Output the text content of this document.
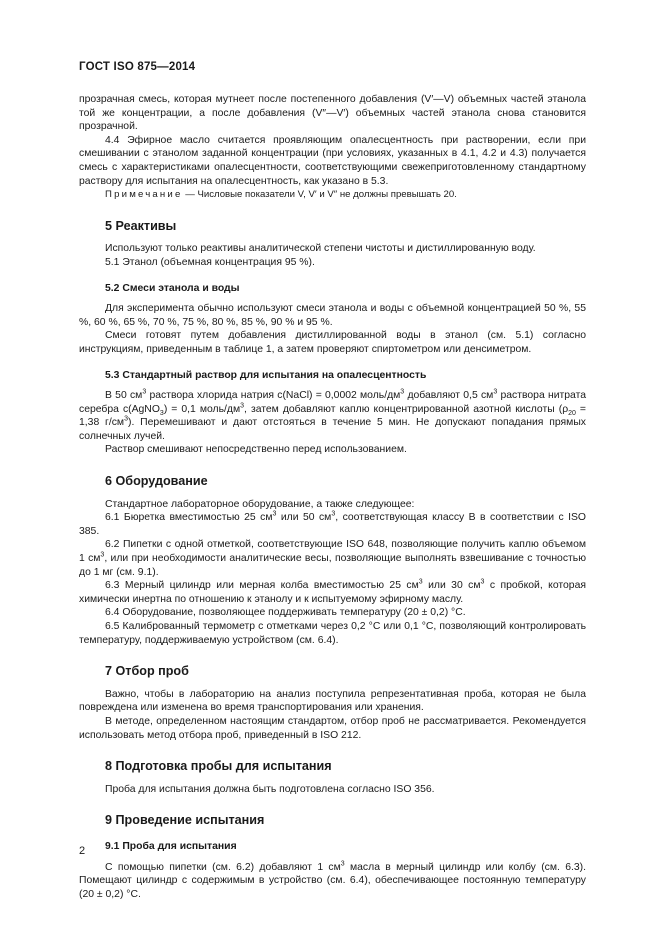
ГОСТ ISO 875—2014

прозрачная смесь, которая мутнеет после постепенного добавления (V′—V) объемных частей этанола той же концентрации, а после добавления (V″—V′) объемных частей этанола снова становится прозрачной.

4.4 Эфирное масло считается проявляющим опалесцентность при растворении, если при смешивании с этанолом заданной концентрации (при условиях, указанных в 4.1, 4.2 и 4.3) получается смесь с характеристиками опалесцентности, соответствующими свежеприготовленному стандартному раствору для испытания на опалесцентность, как указано в 5.3.

Примечание — Числовые показатели V, V′ и V″ не должны превышать 20.

5 Реактивы

Используют только реактивы аналитической степени чистоты и дистиллированную воду.

5.1 Этанол (объемная концентрация 95 %).

5.2 Смеси этанола и воды

Для эксперимента обычно используют смеси этанола и воды с объемной концентрацией 50 %, 55 %, 60 %, 65 %, 70 %, 75 %, 80 %, 85 %, 90 % и 95 %.

Смеси готовят путем добавления дистиллированной воды в этанол (см. 5.1) согласно инструкциям, приведенным в таблице 1, а затем проверяют спиртометром или денсиметром.

5.3 Стандартный раствор для испытания на опалесцентность

В 50 $см^3$ раствора хлорида натрия c(NaCl) = 0,0002 моль/$дм^3$ добавляют 0,5 $см^3$ раствора нитрата серебра c(AgNO$_3$) = 0,1 моль/$дм^3$, затем добавляют каплю концентрированной азотной кислоты ($\rho_{20} = 1,38$ $г/см^3$). Перемешивают и дают отстояться в течение 5 мин. Не допускают попадания прямых солнечных лучей.

Раствор смешивают непосредственно перед использованием.

6 Оборудование

Стандартное лабораторное оборудование, а также следующее:

6.1 Бюретка вместимостью 25 $см^3$ или 50 $см^3$, соответствующая классу В в соответствии с ISO 385.

6.2 Пипетки с одной отметкой, соответствующие ISO 648, позволяющие получить каплю объемом 1 $см^3$, или при необходимости аналитические весы, позволяющие выполнять взвешивание с точностью до 1 мг (см. 9.1).

6.3 Мерный цилиндр или мерная колба вместимостью 25 $см^3$ или 30 $см^3$ с пробкой, которая химически инертна по отношению к этанолу и к испытуемому эфирному маслу.

6.4 Оборудование, позволяющее поддерживать температуру (20 ± 0,2) °С.

6.5 Калиброванный термометр с отметками через 0,2 °С или 0,1 °С, позволяющий контролировать температуру, поддерживаемую устройством (см. 6.4).

7 Отбор проб

Важно, чтобы в лабораторию на анализ поступила репрезентативная проба, которая не была повреждена или изменена во время транспортирования или хранения.

В методе, определенном настоящим стандартом, отбор проб не рассматривается. Рекомендуется использовать метод отбора проб, приведенный в ISO 212.

8 Подготовка пробы для испытания

Проба для испытания должна быть подготовлена согласно ISO 356.

9 Проведение испытания
9.1 Проба для испытания

С помощью пипетки (см. 6.2) добавляют 1 $см^3$ масла в мерный цилиндр или колбу (см. 6.3). Помещают цилиндр с содержимым в устройство (см. 6.4), обеспечивающее постоянную температуру (20 ± 0,2) °С.

2
